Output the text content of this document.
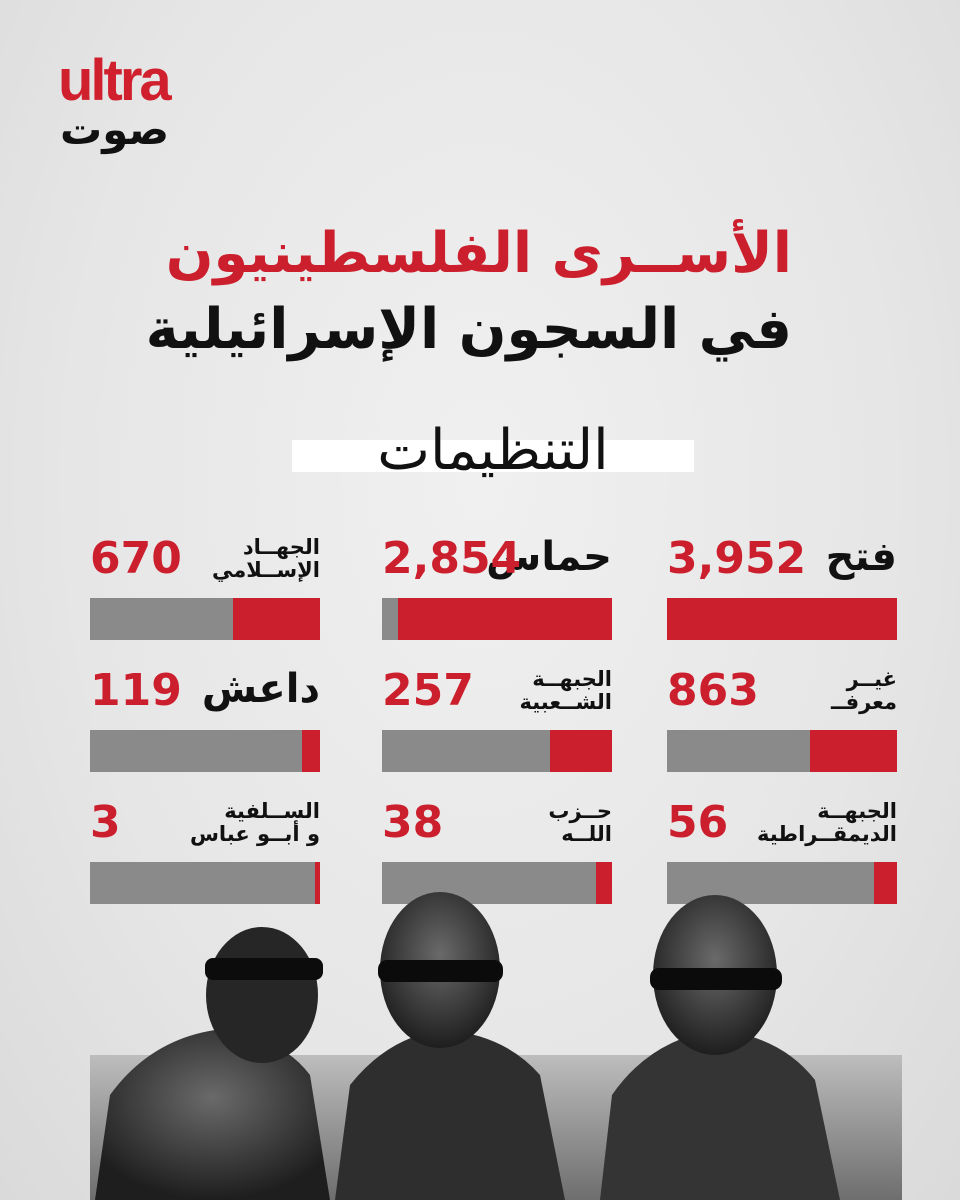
ultra
صوت
الأســرى الفلسطينيون
في السجون الإسرائيلية
التنظيمات
فتح
3,952
حماس
2,854
الجهــاد
الإســلامي
670
غيــر
معرفــ
863
الجبهــة
الشــعبية
257
داعش
119
الجبهــة
الديمقــراطية
56
حــزب
اللــه
38
الســلفية
و أبــو عباس
3
